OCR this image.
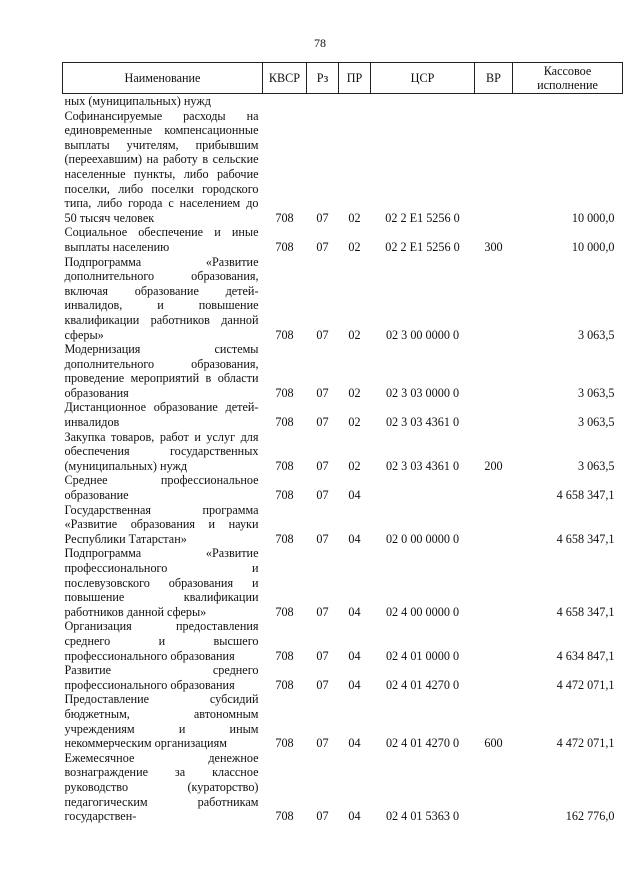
78
Наименование	КВСР	Рз	ПР	ЦСР	ВР	Кассовое исполнение
ных (муниципальных) нужд						
Софинансируемые расходы на единовременные компенсационные выплаты учителям, прибывшим (переехавшим) на работу в сельские населенные пункты, либо рабочие поселки, либо поселки городского типа, либо города с населением до 50 тысяч человек	708	07	02	02 2 Е1 5256 0		10 000,0
Социальное обеспечение и иные выплаты населению	708	07	02	02 2 Е1 5256 0	300	10 000,0
Подпрограмма «Развитие дополнительного образования, включая образование детей-инвалидов, и повышение квалификации работников данной сферы»	708	07	02	02 3 00 0000 0		3 063,5
Модернизация системы дополнительного образования, проведение мероприятий в области образования	708	07	02	02 3 03 0000 0		3 063,5
Дистанционное образование детей-инвалидов	708	07	02	02 3 03 4361 0		3 063,5
Закупка товаров, работ и услуг для обеспечения государственных (муниципальных) нужд	708	07	02	02 3 03 4361 0	200	3 063,5
Среднее профессиональное образование	708	07	04			4 658 347,1
Государственная программа «Развитие образования и науки Республики Татарстан»	708	07	04	02 0 00 0000 0		4 658 347,1
Подпрограмма «Развитие профессионального и послевузовского образования и повышение квалификации работников данной сферы»	708	07	04	02 4 00 0000 0		4 658 347,1
Организация предоставления среднего и высшего профессионального образования	708	07	04	02 4 01 0000 0		4 634 847,1
Развитие среднего профессионального образования	708	07	04	02 4 01 4270 0		4 472 071,1
Предоставление субсидий бюджетным, автономным учреждениям и иным некоммерческим организациям	708	07	04	02 4 01 4270 0	600	4 472 071,1
Ежемесячное денежное вознаграждение за классное руководство (кураторство) педагогическим работникам государствен-	708	07	04	02 4 01 5363 0		162 776,0
